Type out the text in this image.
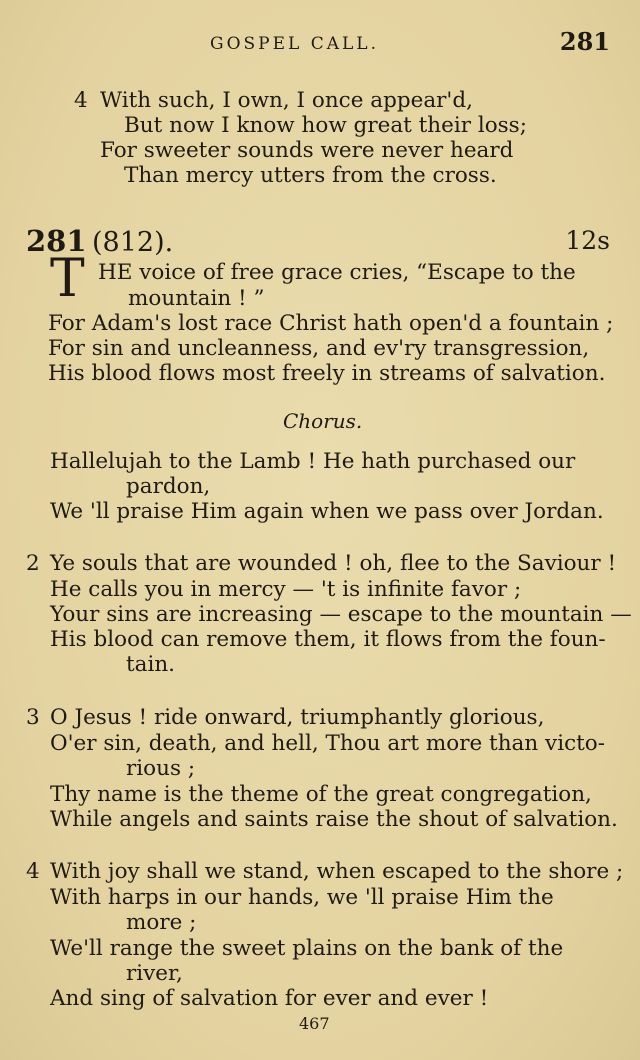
GOSPEL CALL.	281
4 With such, I own, I once appear'd,
But now I know how great their loss;
For sweeter sounds were never heard
Than mercy utters from the cross.
281 (812).	12s
T HE voice of free grace cries, “Escape to the
mountain ! ”
For Adam's lost race Christ hath open'd a fountain ;
For sin and uncleanness, and ev'ry transgression,
His blood flows most freely in streams of salvation.
Chorus.
Hallelujah to the Lamb ! He hath purchased our
pardon,
We 'll praise Him again when we pass over Jordan.
2 Ye souls that are wounded ! oh, flee to the Saviour !
He calls you in mercy — 't is infinite favor ;
Your sins are increasing — escape to the mountain —
His blood can remove them, it flows from the foun-
tain.
3 O Jesus ! ride onward, triumphantly glorious,
O'er sin, death, and hell, Thou art more than victo-
rious ;
Thy name is the theme of the great congregation,
While angels and saints raise the shout of salvation.
4 With joy shall we stand, when escaped to the shore ;
With harps in our hands, we 'll praise Him the
more ;
We'll range the sweet plains on the bank of the
river,
And sing of salvation for ever and ever !
467
